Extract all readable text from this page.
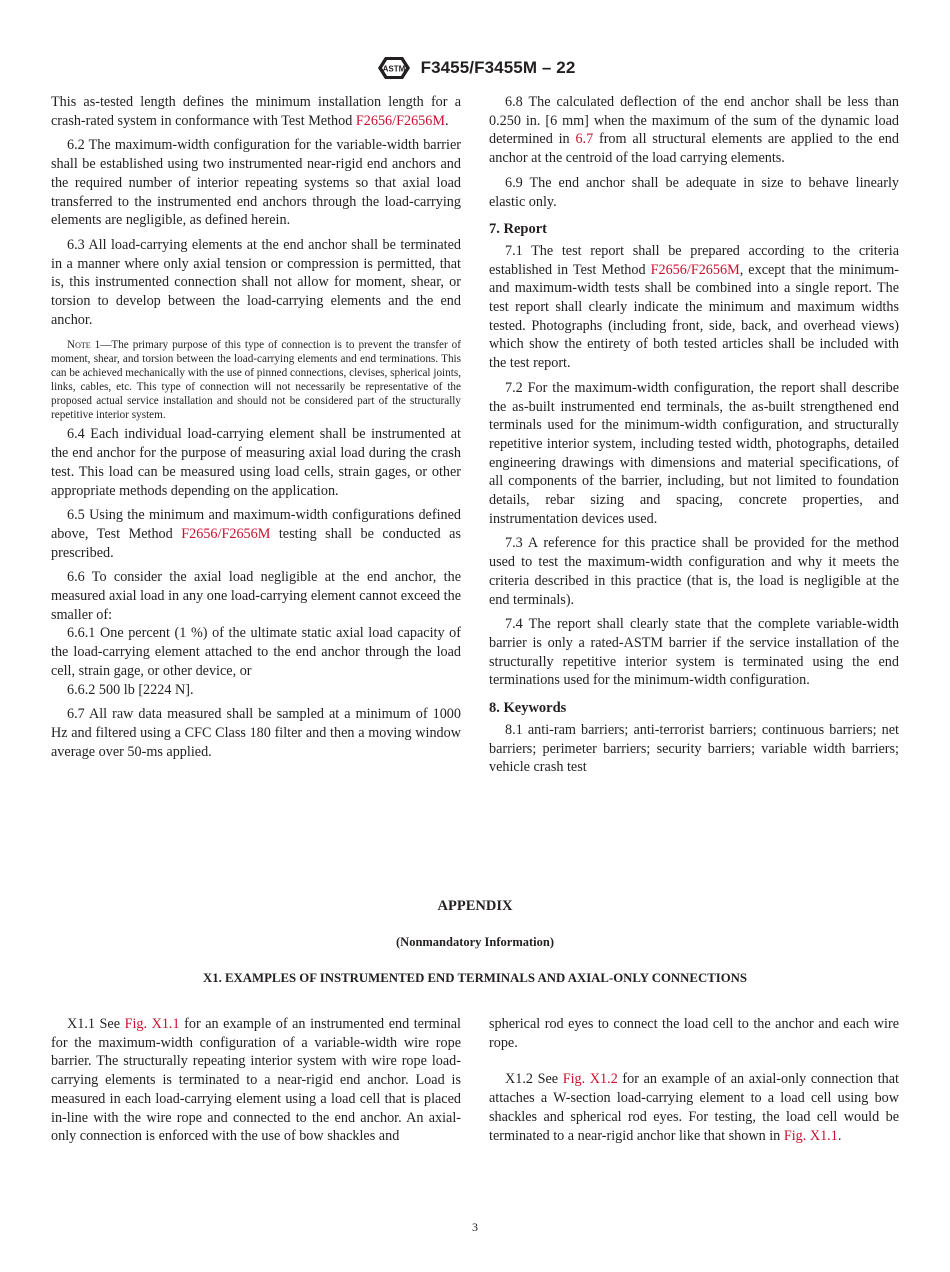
ASTM F3455/F3455M – 22

This as-tested length defines the minimum installation length for a crash-rated system in conformance with Test Method F2656/F2656M.

6.2 The maximum-width configuration for the variable-width barrier shall be established using two instrumented near-rigid end anchors and the required number of interior repeating systems so that axial load transferred to the instrumented end anchors through the load-carrying elements are negligible, as defined herein.

6.3 All load-carrying elements at the end anchor shall be terminated in a manner where only axial tension or compression is permitted, that is, this instrumented connection shall not allow for moment, shear, or torsion to develop between the load-carrying elements and the end anchor.

Note 1—The primary purpose of this type of connection is to prevent the transfer of moment, shear, and torsion between the load-carrying elements and end terminations. This can be achieved mechanically with the use of pinned connections, clevises, spherical joints, links, cables, etc. This type of connection will not necessarily be representative of the proposed actual service installation and should not be considered part of the structurally repetitive interior system.

6.4 Each individual load-carrying element shall be instrumented at the end anchor for the purpose of measuring axial load during the crash test. This load can be measured using load cells, strain gages, or other appropriate methods depending on the application.

6.5 Using the minimum and maximum-width configurations defined above, Test Method F2656/F2656M testing shall be conducted as prescribed.

6.6 To consider the axial load negligible at the end anchor, the measured axial load in any one load-carrying element cannot exceed the smaller of:

6.6.1 One percent (1 %) of the ultimate static axial load capacity of the load-carrying element attached to the end anchor through the load cell, strain gage, or other device, or

6.6.2 500 lb [2224 N].

6.7 All raw data measured shall be sampled at a minimum of 1000 Hz and filtered using a CFC Class 180 filter and then a moving window average over 50-ms applied.

6.8 The calculated deflection of the end anchor shall be less than 0.250 in. [6 mm] when the maximum of the sum of the dynamic load determined in 6.7 from all structural elements are applied to the end anchor at the centroid of the load carrying elements.

6.9 The end anchor shall be adequate in size to behave linearly elastic only.

7. Report

7.1 The test report shall be prepared according to the criteria established in Test Method F2656/F2656M, except that the minimum- and maximum-width tests shall be combined into a single report. The test report shall clearly indicate the minimum and maximum widths tested. Photographs (including front, side, back, and overhead views) which show the entirety of both tested articles shall be included with the test report.

7.2 For the maximum-width configuration, the report shall describe the as-built instrumented end terminals, the as-built strengthened end terminals used for the minimum-width configuration, and structurally repetitive interior system, including tested width, photographs, detailed engineering drawings with dimensions and material specifications, of all components of the barrier, including, but not limited to foundation details, rebar sizing and spacing, concrete properties, and instrumentation devices used.

7.3 A reference for this practice shall be provided for the method used to test the maximum-width configuration and why it meets the criteria described in this practice (that is, the load is negligible at the end terminals).

7.4 The report shall clearly state that the complete variable-width barrier is only a rated-ASTM barrier if the service installation of the structurally repetitive interior system is terminated using the end terminations used for the minimum-width configuration.

8. Keywords

8.1 anti-ram barriers; anti-terrorist barriers; continuous barriers; net barriers; perimeter barriers; security barriers; variable width barriers; vehicle crash test

APPENDIX
(Nonmandatory Information)
X1. EXAMPLES OF INSTRUMENTED END TERMINALS AND AXIAL-ONLY CONNECTIONS

X1.1 See Fig. X1.1 for an example of an instrumented end terminal for the maximum-width configuration of a variable-width wire rope barrier. The structurally repeating interior system with wire rope load-carrying elements is terminated to a near-rigid end anchor. Load is measured in each load-carrying element using a load cell that is placed in-line with the wire rope and connected to the end anchor. An axial-only connection is enforced with the use of bow shackles and

spherical rod eyes to connect the load cell to the anchor and each wire rope.

X1.2 See Fig. X1.2 for an example of an axial-only connection that attaches a W-section load-carrying element to a load cell using bow shackles and spherical rod eyes. For testing, the load cell would be terminated to a near-rigid anchor like that shown in Fig. X1.1.

3
